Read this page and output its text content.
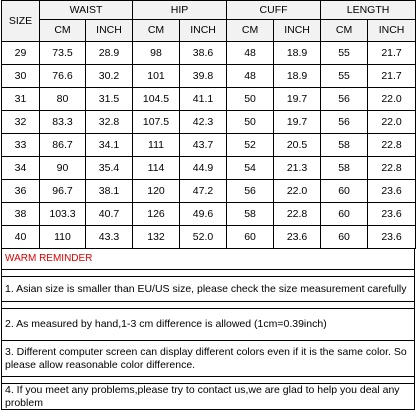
SIZE	WAIST		HIP		CUFF		LENGTH	
	CM	INCH	CM	INCH	CM	INCH	CM	INCH
29	73.5	28.9	98	38.6	48	18.9	55	21.7
30	76.6	30.2	101	39.8	48	18.9	55	21.7
31	80	31.5	104.5	41.1	50	19.7	56	22.0
32	83.3	32.8	107.5	42.3	50	19.7	56	22.0
33	86.7	34.1	111	43.7	52	20.5	58	22.8
34	90	35.4	114	44.9	54	21.3	58	22.8
36	96.7	38.1	120	47.2	56	22.0	60	23.6
38	103.3	40.7	126	49.6	58	22.8	60	23.6
40	110	43.3	132	52.0	60	23.6	60	23.6
WARM REMINDER
1. Asian size is smaller than EU/US size, please check the size measurement carefully
2. As measured by hand,1-3 cm difference is allowed (1cm=0.39inch)
3. Different computer screen can display different colors even if it is the same color. So please allow reasonable color difference.
4. If you meet any problems,please try to contact us,we are glad to help you deal any problem
